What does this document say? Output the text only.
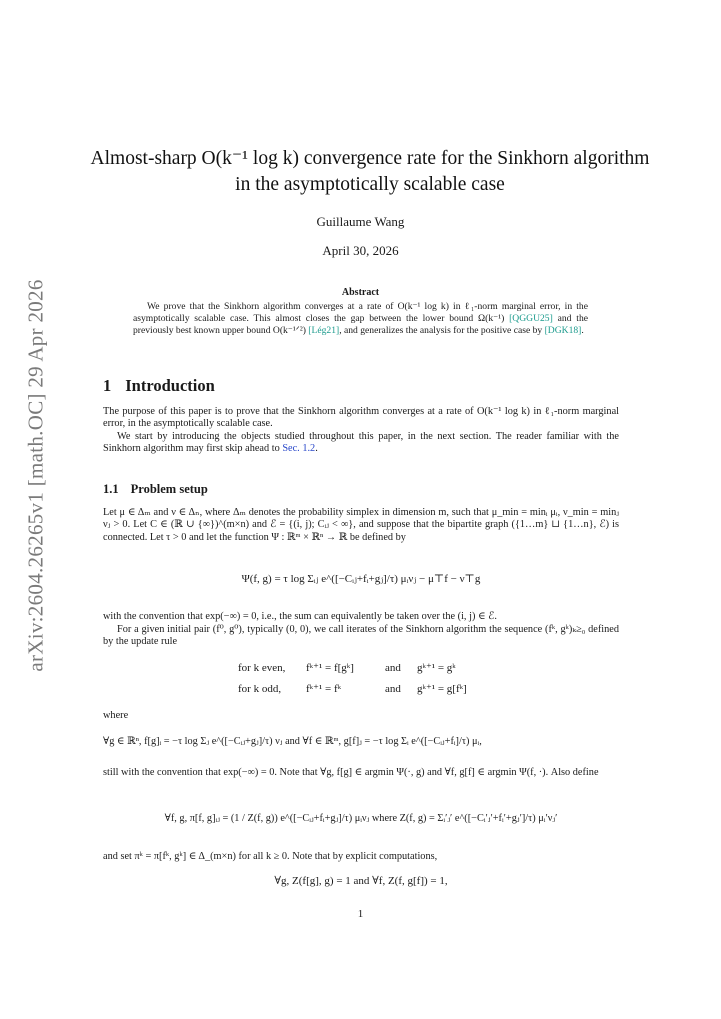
arXiv:2604.26265v1 [math.OC] 29 Apr 2026
Almost-sharp O(k⁻¹ log k) convergence rate for the Sinkhorn algorithm in the asymptotically scalable case
Guillaume Wang
April 30, 2026
Abstract
We prove that the Sinkhorn algorithm converges at a rate of O(k⁻¹ log k) in ℓ₁-norm marginal error, in the asymptotically scalable case. This almost closes the gap between the lower bound Ω(k⁻¹) [QGGU25] and the previously best known upper bound O(k⁻¹ᐟ²) [Lég21], and generalizes the analysis for the positive case by [DGK18].
1 Introduction
The purpose of this paper is to prove that the Sinkhorn algorithm converges at a rate of O(k⁻¹ log k) in ℓ₁-norm marginal error, in the asymptotically scalable case.
We start by introducing the objects studied throughout this paper, in the next section. The reader familiar with the Sinkhorn algorithm may first skip ahead to Sec. 1.2.
1.1 Problem setup
Let μ ∈ Δₘ and ν ∈ Δₙ, where Δₘ denotes the probability simplex in dimension m, such that μ_min = minᵢ μᵢ, ν_min = minⱼ νⱼ > 0. Let C ∈ (ℝ ∪ {∞})^(m×n) and ℰ = {(i, j); Cᵢⱼ < ∞}, and suppose that the bipartite graph ({1…m} ⊔ {1…n}, ℰ) is connected. Let τ > 0 and let the function Ψ : ℝᵐ × ℝⁿ → ℝ be defined by
Ψ(f, g) = τ log Σᵢⱼ e^([−Cᵢⱼ+fᵢ+gⱼ]/τ) μᵢνⱼ − μ⊤f − ν⊤g
with the convention that exp(−∞) = 0, i.e., the sum can equivalently be taken over the (i, j) ∈ ℰ.
For a given initial pair (f⁰, g⁰), typically (0, 0), we call iterates of the Sinkhorn algorithm the sequence (fᵏ, gᵏ)ₖ≥₀ defined by the update rule
for k even, fᵏ⁺¹ = f[gᵏ]	and gᵏ⁺¹ = gᵏ
for k odd, fᵏ⁺¹ = fᵏ	and gᵏ⁺¹ = g[fᵏ]
where
∀g ∈ ℝⁿ, f[g]ᵢ = −τ log Σⱼ e^([−Cᵢⱼ+gⱼ]/τ) νⱼ and ∀f ∈ ℝᵐ, g[f]ⱼ = −τ log Σᵢ e^([−Cᵢⱼ+fᵢ]/τ) μᵢ,
still with the convention that exp(−∞) = 0. Note that ∀g, f[g] ∈ argmin Ψ(·, g) and ∀f, g[f] ∈ argmin Ψ(f, ·). Also define
∀f, g, π[f, g]ᵢⱼ = (1 / Z(f, g)) e^([−Cᵢⱼ+fᵢ+gⱼ]/τ) μᵢνⱼ where Z(f, g) = Σᵢ′ⱼ′ e^([−Cᵢ′ⱼ′+fᵢ′+gⱼ′]/τ) μᵢ′νⱼ′
and set πᵏ = π[fᵏ, gᵏ] ∈ Δ_(m×n) for all k ≥ 0. Note that by explicit computations,
∀g, Z(f[g], g) = 1 and ∀f, Z(f, g[f]) = 1,
1
